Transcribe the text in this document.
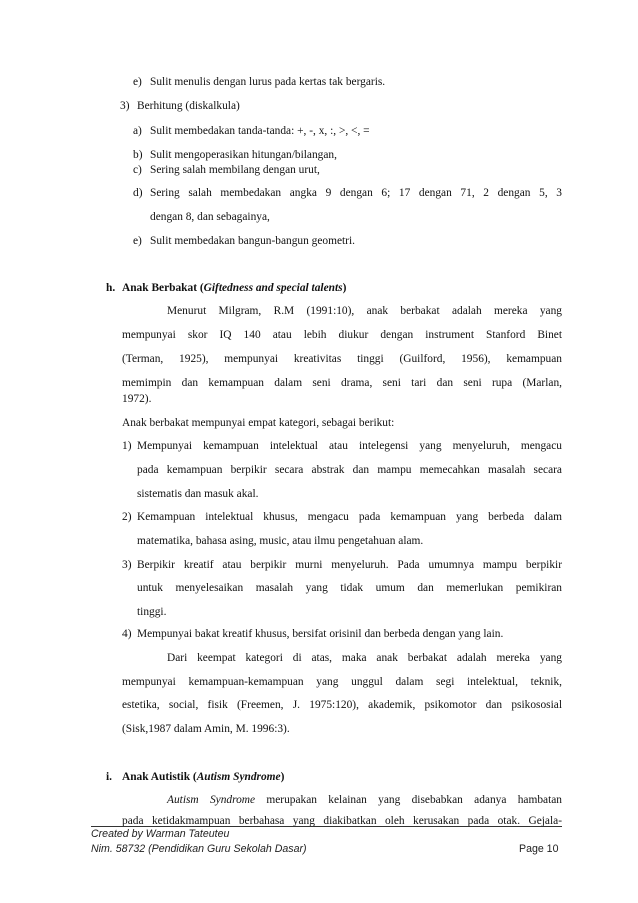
e) Sulit menulis dengan lurus pada kertas tak bergaris.
3) Berhitung (diskalkula)
a) Sulit membedakan tanda-tanda: +, -, x, :, >, <, =
b) Sulit mengoperasikan hitungan/bilangan,
c) Sering salah membilang dengan urut,
d) Sering salah membedakan angka 9 dengan 6; 17 dengan 71, 2 dengan 5, 3
dengan 8, dan sebagainya,
e) Sulit membedakan bangun-bangun geometri.
h. Anak Berbakat (Giftedness and special talents)
Menurut Milgram, R.M (1991:10), anak berbakat adalah mereka yang
mempunyai skor IQ 140 atau lebih diukur dengan instrument Stanford Binet
(Terman, 1925), mempunyai kreativitas tinggi (Guilford, 1956), kemampuan
memimpin dan kemampuan dalam seni drama, seni tari dan seni rupa (Marlan,
1972).
Anak berbakat mempunyai empat kategori, sebagai berikut:
1) Mempunyai kemampuan intelektual atau intelegensi yang menyeluruh, mengacu
pada kemampuan berpikir secara abstrak dan mampu memecahkan masalah secara
sistematis dan masuk akal.
2) Kemampuan intelektual khusus, mengacu pada kemampuan yang berbeda dalam
matematika, bahasa asing, music, atau ilmu pengetahuan alam.
3) Berpikir kreatif atau berpikir murni menyeluruh. Pada umumnya mampu berpikir
untuk menyelesaikan masalah yang tidak umum dan memerlukan pemikiran
tinggi.
4) Mempunyai bakat kreatif khusus, bersifat orisinil dan berbeda dengan yang lain.
Dari keempat kategori di atas, maka anak berbakat adalah mereka yang
mempunyai kemampuan-kemampuan yang unggul dalam segi intelektual, teknik,
estetika, social, fisik (Freemen, J. 1975:120), akademik, psikomotor dan psikososial
(Sisk,1987 dalam Amin, M. 1996:3).
i. Anak Autistik (Autism Syndrome)
Autism Syndrome merupakan kelainan yang disebabkan adanya hambatan
pada ketidakmampuan berbahasa yang diakibatkan oleh kerusakan pada otak. Gejala-
Created by Warman Tateuteu
Nim. 58732 (Pendidikan Guru Sekolah Dasar)	Page 10
